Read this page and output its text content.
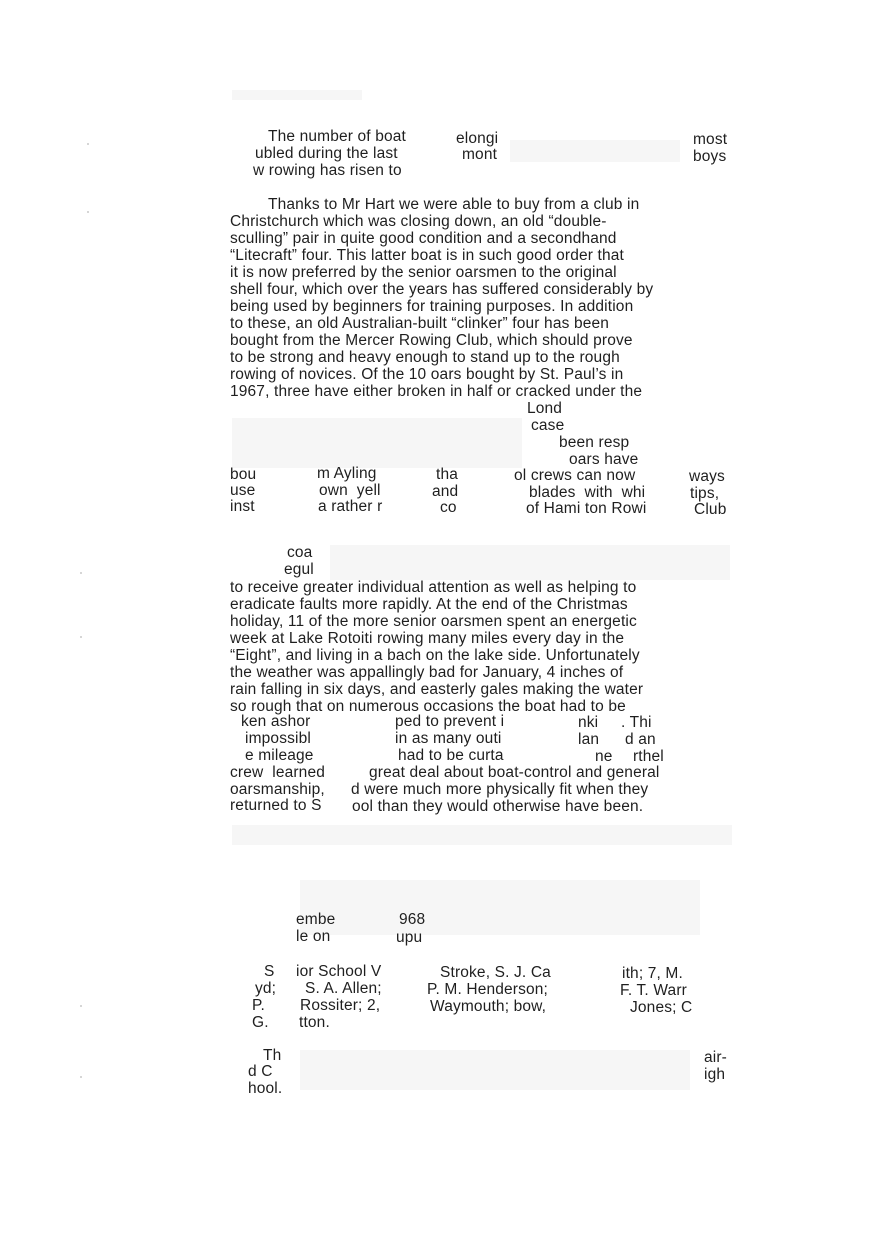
The number of boat	elongi	most
ubled during the last	mont	boys
w rowing has risen to
Thanks to Mr Hart we were able to buy from a club in
Christchurch which was closing down, an old “double-
sculling” pair in quite good condition and a secondhand
“Litecraft” four. This latter boat is in such good order that
it is now preferred by the senior oarsmen to the original
shell four, which over the years has suffered considerably by
being used by beginners for training purposes. In addition
to these, an old Australian-built “clinker” four has been
bought from the Mercer Rowing Club, which should prove
to be strong and heavy enough to stand up to the rough
rowing of novices. Of the 10 oars bought by St. Paul’s in
1967, three have either broken in half or cracked under the
Lond
case
been resp
oars have
bou	m Ayling	tha	ol crews can now	ways
use	own  yell	and	blades  with  whi	tips,
inst	a rather r	co	of Hami ton Rowi	Club
coa
egul
to receive greater individual attention as well as helping to
eradicate faults more rapidly. At the end of the Christmas
holiday, 11 of the more senior oarsmen spent an energetic
week at Lake Rotoiti rowing many miles every day in the
“Eight”, and living in a bach on the lake side. Unfortunately
the weather was appallingly bad for January, 4 inches of
rain falling in six days, and easterly gales making the water
so rough that on numerous occasions the boat had to be
ken ashor	ped to prevent i	nki . Thi
impossibl	in as many outi	lan d an
e mileage	had to be curta	ne rthel
crew  learned	great deal about boat-control and general
oarsmanship, d were much more physically fit when they
returned to S ool than they would otherwise have been.
embe	968
le on	upu
S ior School V	Stroke, S. J. Ca	ith; 7, M.
yd; S. A. Allen;	P. M. Henderson;	F. T. Warr
P. Rossiter; 2,	Waymouth; bow,	Jones; C
G. tton.
Th	air-
d C	igh
hool.
